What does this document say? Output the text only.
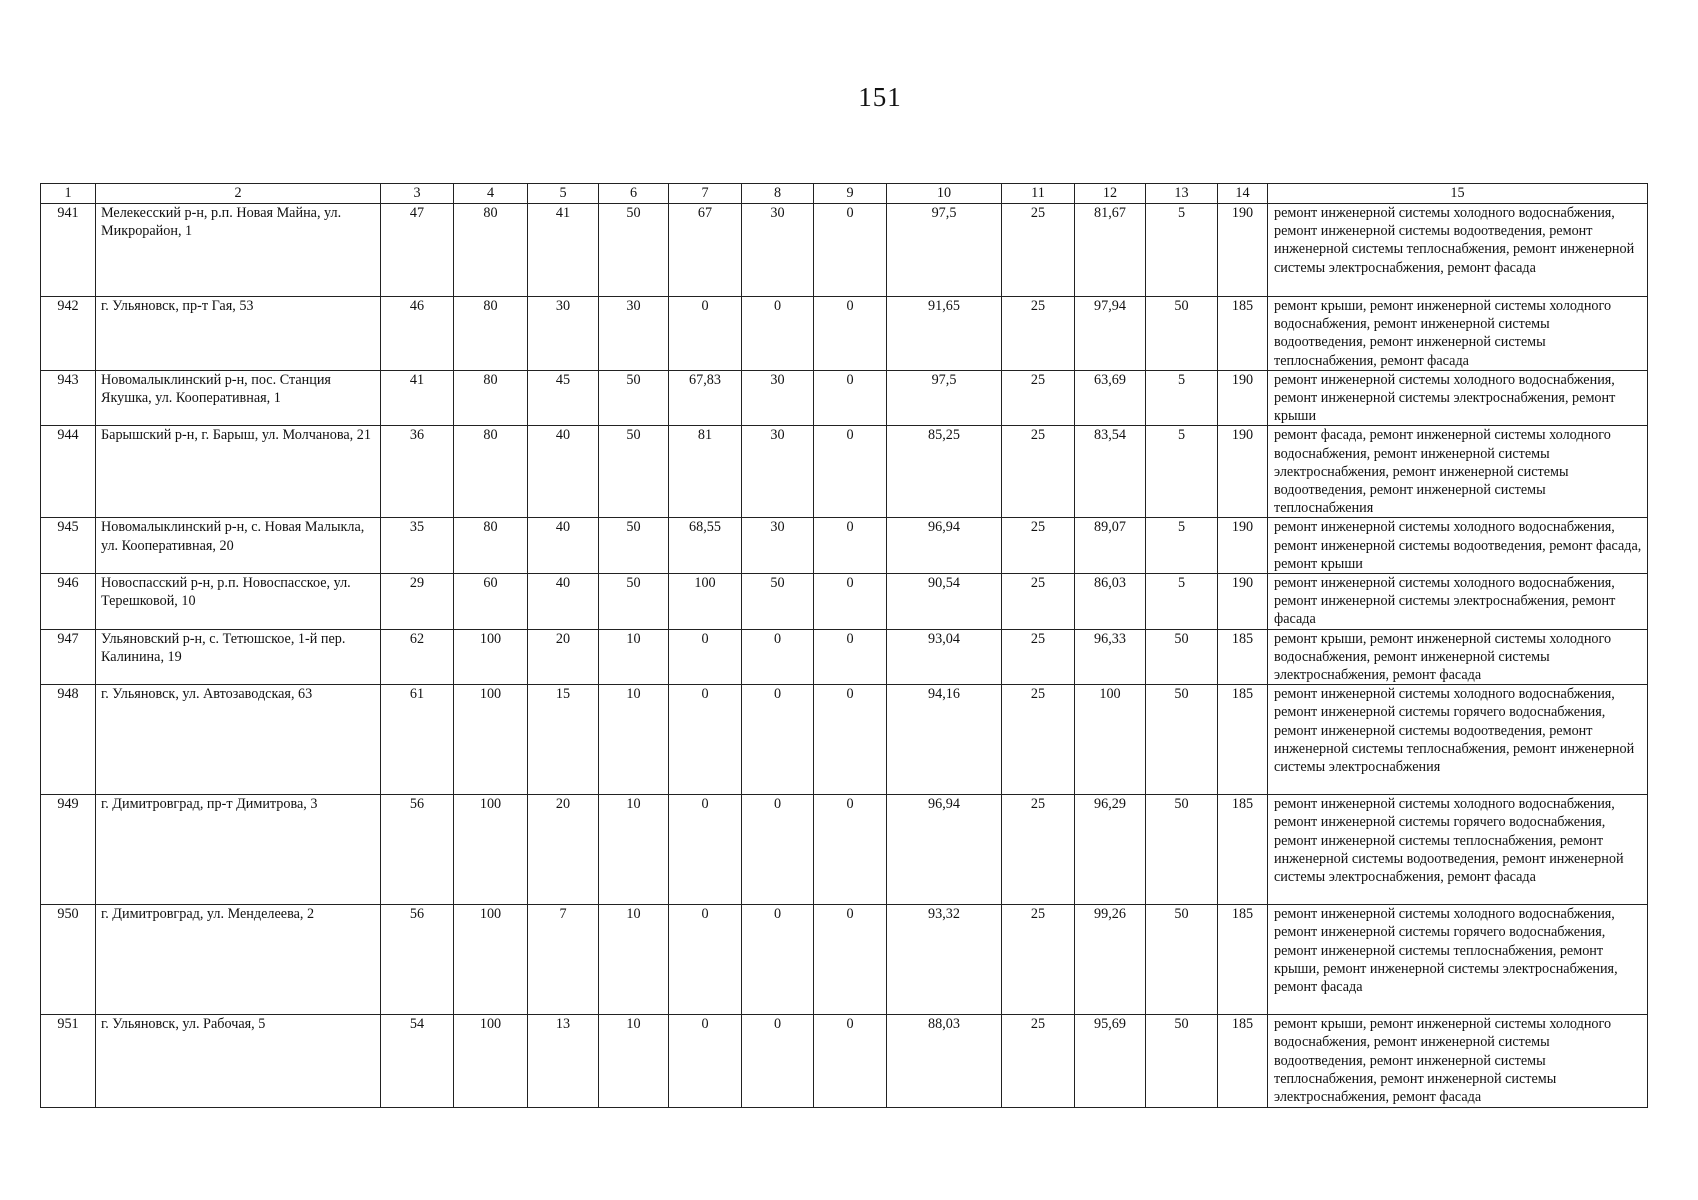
151
1	2	3	4	5	6	7	8	9	10	11	12	13	14	15
941	Мелекесский р-н, р.п. Новая Майна, ул. Микрорайон, 1	47	80	41	50	67	30	0	97,5	25	81,67	5	190	ремонт инженерной системы холодного водоснабжения, ремонт инженерной системы водоотведения, ремонт инженерной системы теплоснабжения, ремонт инженерной системы электроснабжения, ремонт фасада
942	г. Ульяновск, пр-т Гая, 53	46	80	30	30	0	0	0	91,65	25	97,94	50	185	ремонт крыши, ремонт инженерной системы холодного водоснабжения, ремонт инженерной системы водоотведения, ремонт инженерной системы теплоснабжения, ремонт фасада
943	Новомалыклинский р-н, пос. Станция Якушка, ул. Кооперативная, 1	41	80	45	50	67,83	30	0	97,5	25	63,69	5	190	ремонт инженерной системы холодного водоснабжения, ремонт инженерной системы электроснабжения, ремонт крыши
944	Барышский р-н, г. Барыш, ул. Молчанова, 21	36	80	40	50	81	30	0	85,25	25	83,54	5	190	ремонт фасада, ремонт инженерной системы холодного водоснабжения, ремонт инженерной системы электроснабжения, ремонт инженерной системы водоотведения, ремонт инженерной системы теплоснабжения
945	Новомалыклинский р-н, с. Новая Малыкла, ул. Кооперативная, 20	35	80	40	50	68,55	30	0	96,94	25	89,07	5	190	ремонт инженерной системы холодного водоснабжения, ремонт инженерной системы водоотведения, ремонт фасада, ремонт крыши
946	Новоспасский р-н, р.п. Новоспасское, ул. Терешковой, 10	29	60	40	50	100	50	0	90,54	25	86,03	5	190	ремонт инженерной системы холодного водоснабжения, ремонт инженерной системы электроснабжения, ремонт фасада
947	Ульяновский р-н, с. Тетюшское, 1-й пер. Калинина, 19	62	100	20	10	0	0	0	93,04	25	96,33	50	185	ремонт крыши, ремонт инженерной системы холодного водоснабжения, ремонт инженерной системы электроснабжения, ремонт фасада
948	г. Ульяновск, ул. Автозаводская, 63	61	100	15	10	0	0	0	94,16	25	100	50	185	ремонт инженерной системы холодного водоснабжения, ремонт инженерной системы горячего водоснабжения, ремонт инженерной системы водоотведения, ремонт инженерной системы теплоснабжения, ремонт инженерной системы электроснабжения
949	г. Димитровград, пр-т Димитрова, 3	56	100	20	10	0	0	0	96,94	25	96,29	50	185	ремонт инженерной системы холодного водоснабжения, ремонт инженерной системы горячего водоснабжения, ремонт инженерной системы теплоснабжения, ремонт инженерной системы водоотведения, ремонт инженерной системы электроснабжения, ремонт фасада
950	г. Димитровград, ул. Менделеева, 2	56	100	7	10	0	0	0	93,32	25	99,26	50	185	ремонт инженерной системы холодного водоснабжения, ремонт инженерной системы горячего водоснабжения, ремонт инженерной системы теплоснабжения, ремонт крыши, ремонт инженерной системы электроснабжения, ремонт фасада
951	г. Ульяновск, ул. Рабочая, 5	54	100	13	10	0	0	0	88,03	25	95,69	50	185	ремонт крыши, ремонт инженерной системы холодного водоснабжения, ремонт инженерной системы водоотведения, ремонт инженерной системы теплоснабжения, ремонт инженерной системы электроснабжения, ремонт фасада
